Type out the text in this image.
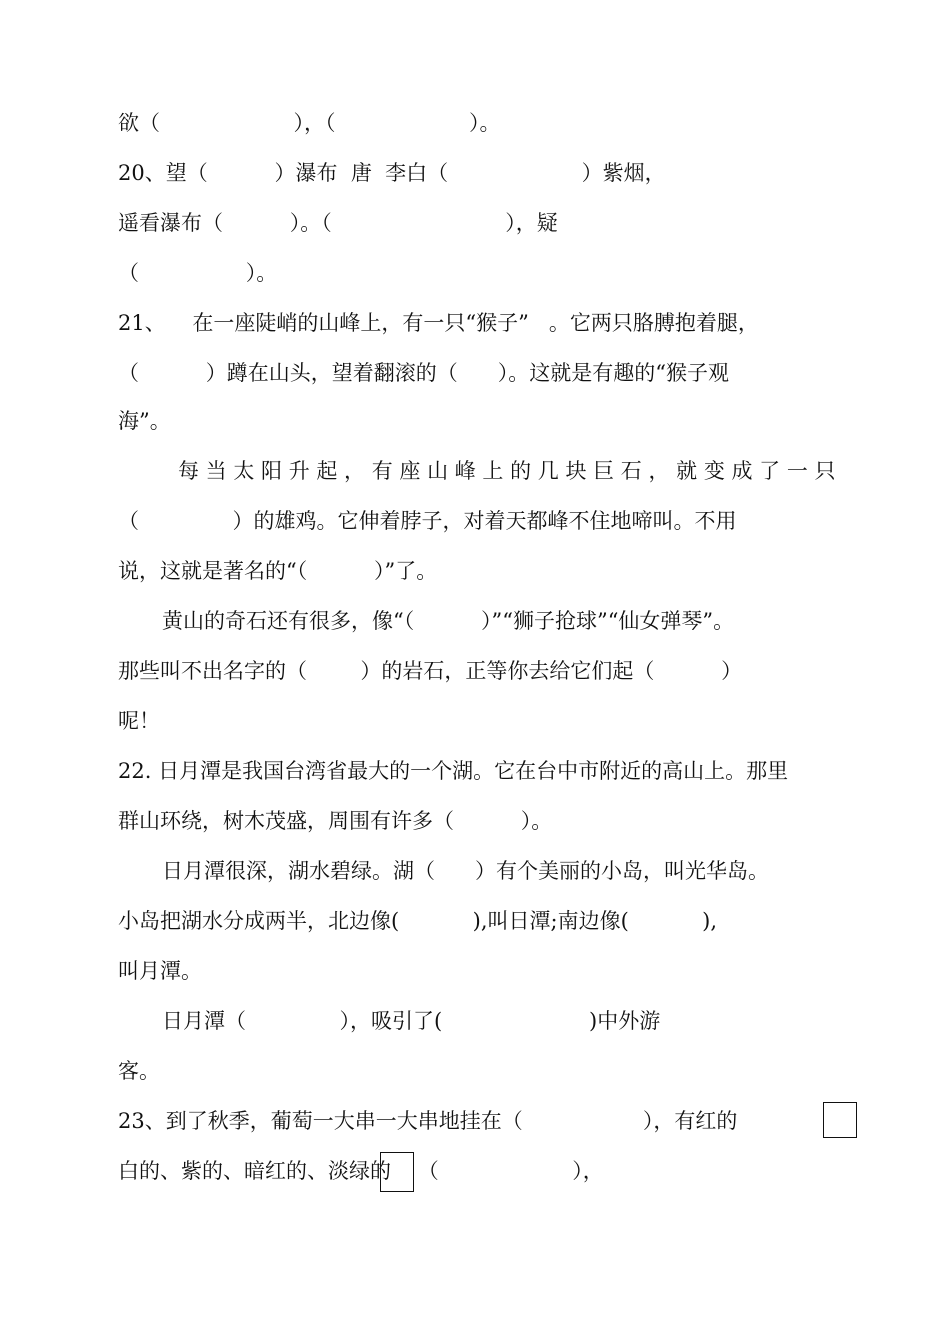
欲（                    ），（                    ）。
20、望（          ）瀑布  唐  李白（                    ）紫烟，
遥看瀑布（          ）。（                          ），疑
（                ）。
21、    在一座陡峭的山峰上，有一只“猴子”   。它两只胳膊抱着腿，
（          ）蹲在山头，望着翻滚的（      ）。这就是有趣的“猴子观
海”。
每 当 太 阳 升 起 ， 有 座 山 峰 上 的 几 块 巨 石 ， 就 变 成 了 一 只
（              ）的雄鸡。它伸着脖子，对着天都峰不住地啼叫。不用
说，这就是著名的“（          ）”了。
黄山的奇石还有很多，像“（          ）”“狮子抢球”“仙女弹琴”。
那些叫不出名字的（        ）的岩石，正等你去给它们起（          ）
呢！
22. 日月潭是我国台湾省最大的一个湖。它在台中市附近的高山上。那里
群山环绕，树木茂盛，周围有许多（          ）。
日月潭很深，湖水碧绿。湖（      ）有个美丽的小岛，叫光华岛。
小岛把湖水分成两半，北边像(           ),叫日潭;南边像(           ),
叫月潭。
日月潭（              ），吸引了(                      )中外游
客。
23、到了秋季，葡萄一大串一大串地挂在（                  ），有红的
白的、紫的、暗红的、淡绿的    （                    ），
